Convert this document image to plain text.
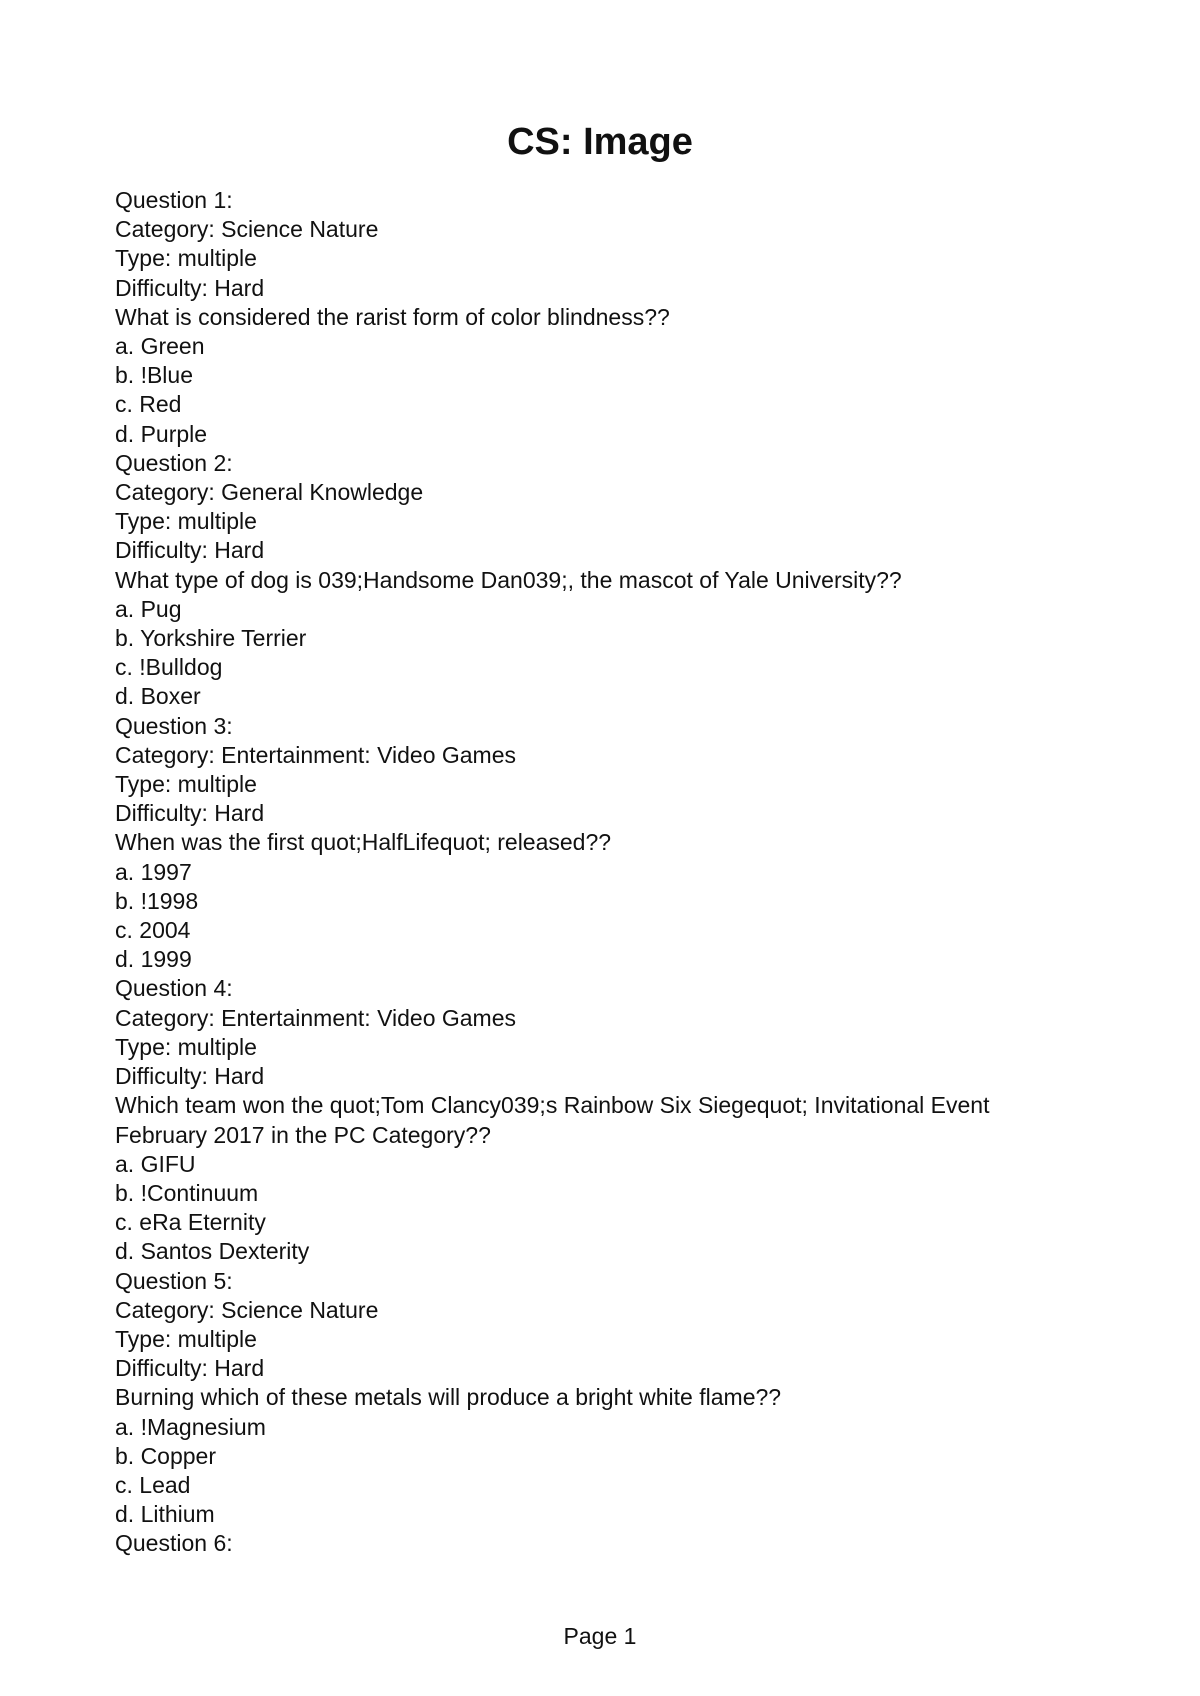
CS: Image
Question 1:
Category: Science Nature
Type: multiple
Difficulty: Hard
What is considered the rarist form of color blindness??
a. Green
b. !Blue
c. Red
d. Purple
Question 2:
Category: General Knowledge
Type: multiple
Difficulty: Hard
What type of dog is 039;Handsome Dan039;, the mascot of Yale University??
a. Pug
b. Yorkshire Terrier
c. !Bulldog
d. Boxer
Question 3:
Category: Entertainment: Video Games
Type: multiple
Difficulty: Hard
When was the first quot;HalfLifequot; released??
a. 1997
b. !1998
c. 2004
d. 1999
Question 4:
Category: Entertainment: Video Games
Type: multiple
Difficulty: Hard
Which team won the quot;Tom Clancy039;s Rainbow Six Siegequot; Invitational Event February 2017 in the PC Category??
a. GIFU
b. !Continuum
c. eRa Eternity
d. Santos Dexterity
Question 5:
Category: Science Nature
Type: multiple
Difficulty: Hard
Burning which of these metals will produce a bright white flame??
a. !Magnesium
b. Copper
c. Lead
d. Lithium
Question 6:
Page 1
